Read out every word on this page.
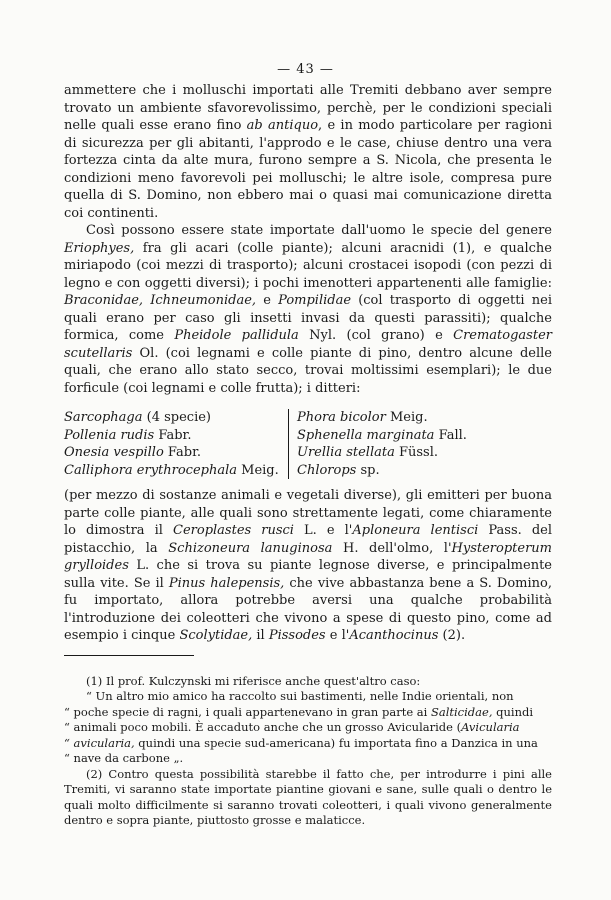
— 43 —

ammettere che i molluschi importati alle Tremiti debbano aver sempre trovato un ambiente sfavorevolissimo, perchè, per le condizioni speciali nelle quali esse erano fino ab antiquo, e in modo particolare per ragioni di sicurezza per gli abitanti, l'approdo e le case, chiuse dentro una vera fortezza cinta da alte mura, furono sempre a S. Nicola, che presenta le condizioni meno favorevoli pei molluschi; le altre isole, compresa pure quella di S. Domino, non ebbero mai o quasi mai comunicazione diretta coi continenti.

Così possono essere state importate dall'uomo le specie del genere Eriophyes, fra gli acari (colle piante); alcuni aracnidi (1), e qualche miriapodo (coi mezzi di trasporto); alcuni crostacei isopodi (con pezzi di legno e con oggetti diversi); i pochi imenotteri appartenenti alle famiglie: Braconidae, Ichneumonidae, e Pompilidae (col trasporto di oggetti nei quali erano per caso gli insetti invasi da questi parassiti); qualche formica, come Pheidole pallidula Nyl. (col grano) e Crematogaster scutellaris Ol. (coi legnami e colle piante di pino, dentro alcune delle quali, che erano allo stato secco, trovai moltissimi esemplari); le due forficule (coi legnami e colle frutta); i ditteri:

Sarcophaga (4 specie)
Pollenia rudis Fabr.
Onesia vespillo Fabr.
Calliphora erythrocephala Meig.
Phora bicolor Meig.
Sphenella marginata Fall.
Urellia stellata Füssl.
Chlorops sp.

(per mezzo di sostanze animali e vegetali diverse), gli emitteri per buona parte colle piante, alle quali sono strettamente legati, come chiaramente lo dimostra il Ceroplastes rusci L. e l'Aploneura lentisci Pass. del pistacchio, la Schizoneura lanuginosa H. dell'olmo, l'Hysteropterum grylloides L. che si trova su piante legnose diverse, e principalmente sulla vite. Se il Pinus halepensis, che vive abbastanza bene a S. Domino, fu importato, allora potrebbe aversi una qualche probabilità l'introduzione dei coleotteri che vivono a spese di questo pino, come ad esempio i cinque Scolytidae, il Pissodes e l'Acanthocinus (2).

(1) Il prof. Kulczynski mi riferisce anche quest'altro caso:

“ Un altro mio amico ha raccolto sui bastimenti, nelle Indie orientali, non

“ poche specie di ragni, i quali appartenevano in gran parte ai Salticidae, quindi

“ animali poco mobili. È accaduto anche che un grosso Avicularide (Avicularia

“ avicularia, quindi una specie sud-americana) fu importata fino a Danzica in una

“ nave da carbone „.

(2) Contro questa possibilità starebbe il fatto che, per introdurre i pini alle Tremiti, vi saranno state importate piantine giovani e sane, sulle quali o dentro le quali molto difficilmente si saranno trovati coleotteri, i quali vivono generalmente dentro e sopra piante, piuttosto grosse e malaticce.
